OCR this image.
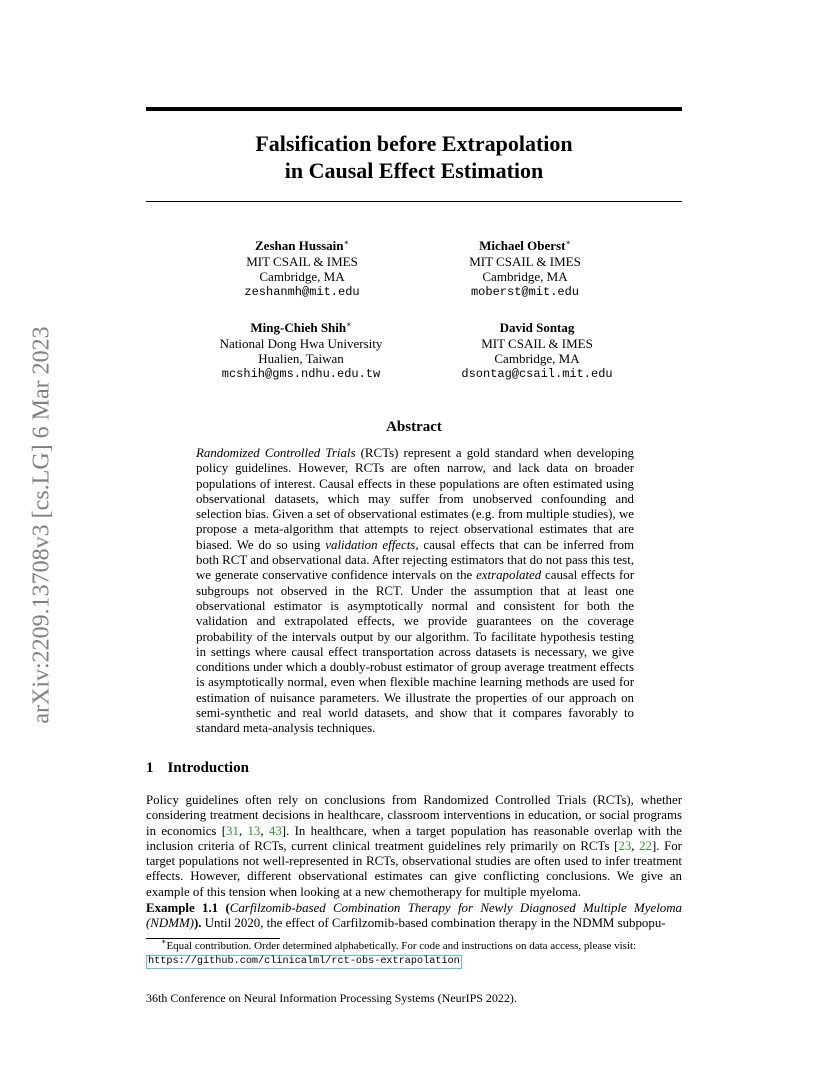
arXiv:2209.13708v3 [cs.LG] 6 Mar 2023
Falsification before Extrapolation
in Causal Effect Estimation
Zeshan Hussain∗
MIT CSAIL & IMES
Cambridge, MA
zeshanmh@mit.edu
Michael Oberst∗
MIT CSAIL & IMES
Cambridge, MA
moberst@mit.edu
Ming-Chieh Shih∗
National Dong Hwa University
Hualien, Taiwan
mcshih@gms.ndhu.edu.tw
David Sontag
MIT CSAIL & IMES
Cambridge, MA
dsontag@csail.mit.edu
Abstract
Randomized Controlled Trials (RCTs) represent a gold standard when developing policy guidelines. However, RCTs are often narrow, and lack data on broader populations of interest. Causal effects in these populations are often estimated using observational datasets, which may suffer from unobserved confounding and selection bias. Given a set of observational estimates (e.g. from multiple studies), we propose a meta-algorithm that attempts to reject observational estimates that are biased. We do so using validation effects, causal effects that can be inferred from both RCT and observational data. After rejecting estimators that do not pass this test, we generate conservative confidence intervals on the extrapolated causal effects for subgroups not observed in the RCT. Under the assumption that at least one observational estimator is asymptotically normal and consistent for both the validation and extrapolated effects, we provide guarantees on the coverage probability of the intervals output by our algorithm. To facilitate hypothesis testing in settings where causal effect transportation across datasets is necessary, we give conditions under which a doubly-robust estimator of group average treatment effects is asymptotically normal, even when flexible machine learning methods are used for estimation of nuisance parameters. We illustrate the properties of our approach on semi-synthetic and real world datasets, and show that it compares favorably to standard meta-analysis techniques.
1 Introduction
Policy guidelines often rely on conclusions from Randomized Controlled Trials (RCTs), whether considering treatment decisions in healthcare, classroom interventions in education, or social programs in economics [31, 13, 43]. In healthcare, when a target population has reasonable overlap with the inclusion criteria of RCTs, current clinical treatment guidelines rely primarily on RCTs [23, 22]. For target populations not well-represented in RCTs, observational studies are often used to infer treatment effects. However, different observational estimates can give conflicting conclusions. We give an example of this tension when looking at a new chemotherapy for multiple myeloma.
Example 1.1 (Carfilzomib-based Combination Therapy for Newly Diagnosed Multiple Myeloma (NDMM)). Until 2020, the effect of Carfilzomib-based combination therapy in the NDMM subpopu-
∗Equal contribution. Order determined alphabetically. For code and instructions on data access, please visit:
https://github.com/clinicalml/rct-obs-extrapolation
36th Conference on Neural Information Processing Systems (NeurIPS 2022).
